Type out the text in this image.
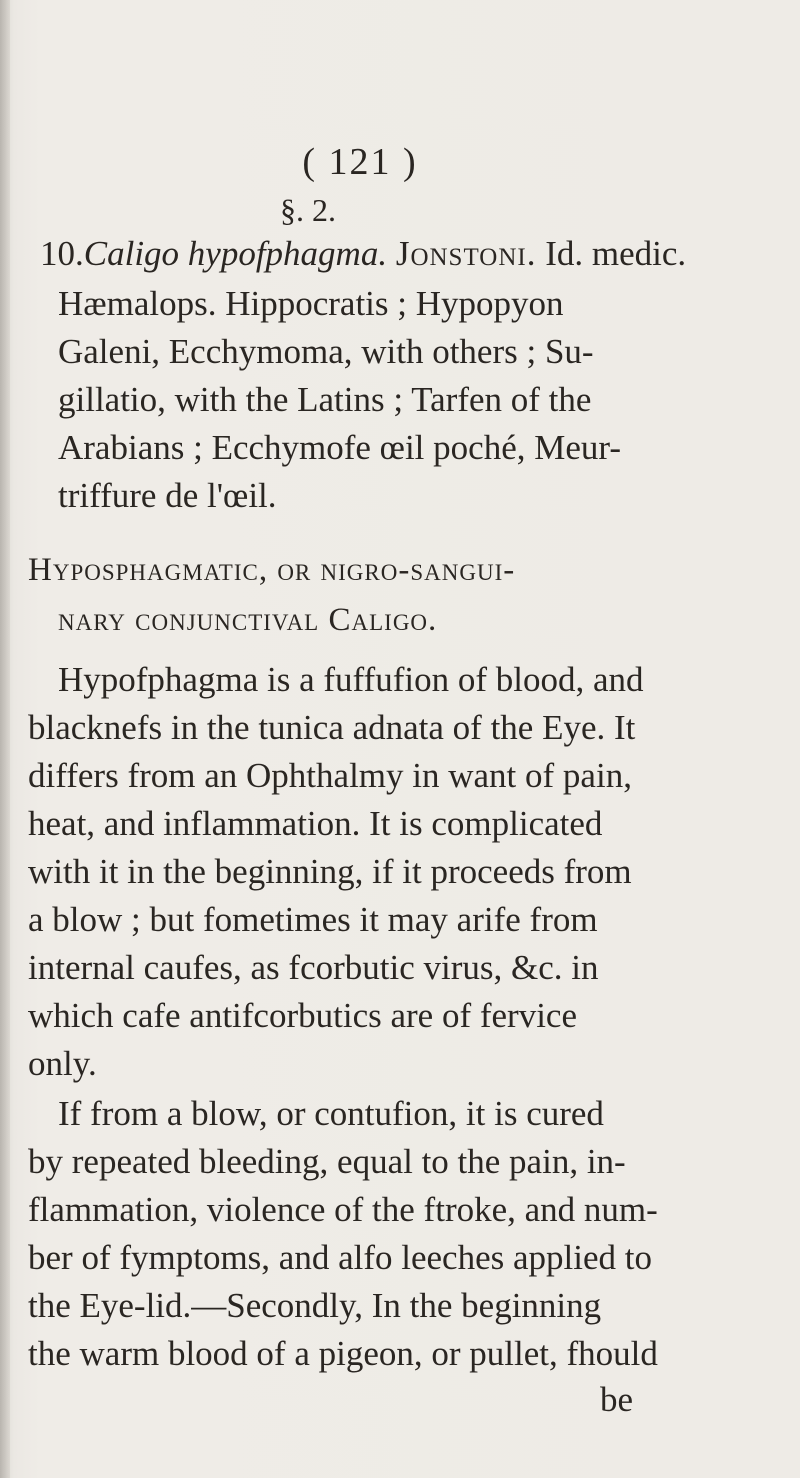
( 121 )
§. 2.
10.Caligo hypofphagma. Jonstoni. Id. medic.
Hæmalops. Hippocratis ; Hypopyon
Galeni, Ecchymoma, with others ; Su-
gillatio, with the Latins ; Tarfen of the
Arabians ; Ecchymofe œil poché, Meur-
triffure de l'œil.
Hyposphagmatic, or nigro-sangui-
nary conjunctival Caligo.
Hypofphagma is a fuffufion of blood, and
blacknefs in the tunica adnata of the Eye. It
differs from an Ophthalmy in want of pain,
heat, and inflammation. It is complicated
with it in the beginning, if it proceeds from
a blow ; but fometimes it may arife from
internal caufes, as fcorbutic virus, &c. in
which cafe antifcorbutics are of fervice
only.
If from a blow, or contufion, it is cured
by repeated bleeding, equal to the pain, in-
flammation, violence of the ftroke, and num-
ber of fymptoms, and alfo leeches applied to
the Eye-lid.—Secondly, In the beginning
the warm blood of a pigeon, or pullet, fhould
be
